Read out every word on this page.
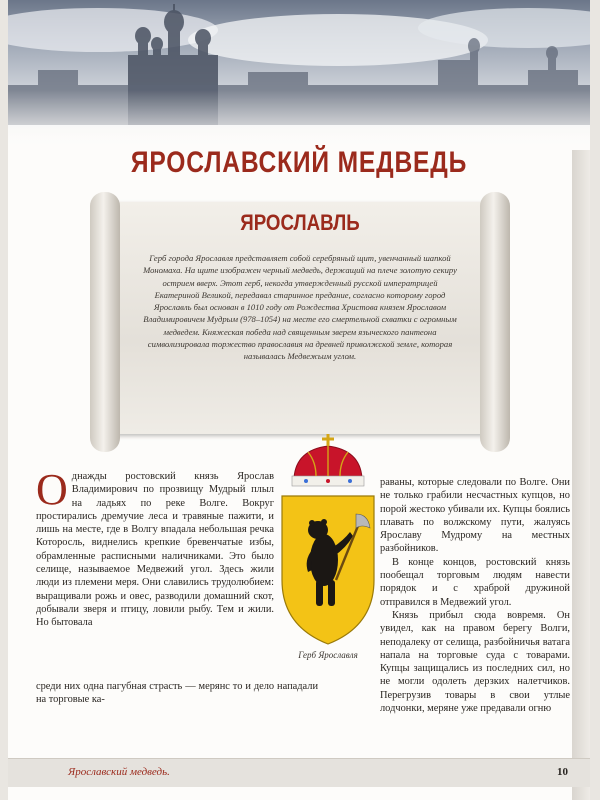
ЯРОСЛАВСКИЙ МЕДВЕДЬ
ЯРОСЛАВЛЬ
Герб города Ярославля представляет собой серебряный щит, увенчанный шапкой Мономаха. На щите изображен черный медведь, держащий на плече золотую секиру острием вверх. Этот герб, некогда утвержденный русской императрицей Екатериной Великой, передавал старинное предание, согласно которому город Ярославль был основан в 1010 году от Рождества Христова князем Ярославом Владимировичем Мудрым (978–1054) на месте его смертельной схватки с огромным медведем. Княжеская победа над священным зверем языческого пантеона символизировала торжество православия на древней приволжской земле, которая называлась Медвежьим углом.
О днажды ростовский князь Ярослав Владимирович по прозвищу Мудрый плыл на ладьях по реке Волге. Вокруг простирались дремучие леса и травяные пажити, и лишь на месте, где в Волгу впадала небольшая речка Которосль, виднелись крепкие бревенчатые избы, обрамленные расписными наличниками. Это было селище, называемое Медвежий угол. Здесь жили люди из племени меря. Они славились трудолюбием: выращивали рожь и овес, разводили домашний скот, добывали зверя и птицу, ловили рыбу. Тем и жили. Но бытовала
Герб Ярославля

раваны, которые следовали по Волге. Они не только грабили несчастных купцов, но порой жестоко убивали их. Купцы боялись плавать по волжскому пути, жалуясь Ярославу Мудрому на местных разбойников.

В конце концов, ростовский князь пообещал торговым людям навести порядок и с храброй дружиной отправился в Медвежий угол.

Князь прибыл сюда вовремя. Он увидел, как на правом берегу Волги, неподалеку от селища, разбойничья ватага напала на торговые суда с товарами. Купцы защищались из последних сил, но не могли одолеть дерзких налетчиков. Перегрузив товары в свои утлые лодчонки, меряне уже предавали огню

среди них одна пагубная страсть — мерянс то и дело нападали на торговые ка-
Ярославский медведь.	10
